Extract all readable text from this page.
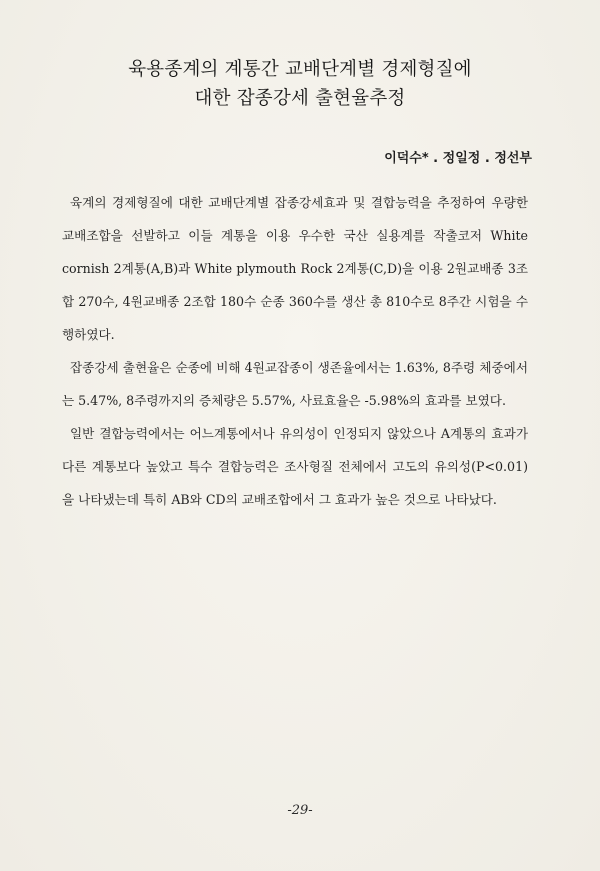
육용종계의 계통간 교배단계별 경제형질에
대한 잡종강세 출현율추정
이덕수* . 정일정 . 정선부

육계의 경제형질에 대한 교배단계별 잡종강세효과 및 결합능력을 추정하여 우량한 교배조합을 선발하고 이들 계통을 이용 우수한 국산 실용계를 작출코저 White cornish 2계통(A,B)과 White plymouth Rock 2계통(C,D)을 이용 2원교배종 3조합 270수, 4원교배종 2조합 180수 순종 360수를 생산 총 810수로 8주간 시험을 수행하였다.

잡종강세 출현율은 순종에 비해 4원교잡종이 생존율에서는 1.63%, 8주령 체중에서는 5.47%, 8주령까지의 증체량은 5.57%, 사료효율은 -5.98%의 효과를 보였다.

일반 결합능력에서는 어느계통에서나 유의성이 인정되지 않았으나 A계통의 효과가 다른 계통보다 높았고 특수 결합능력은 조사형질 전체에서 고도의 유의성(P<0.01)을 나타냈는데 특히 AB와 CD의 교배조합에서 그 효과가 높은 것으로 나타났다.

-29-
